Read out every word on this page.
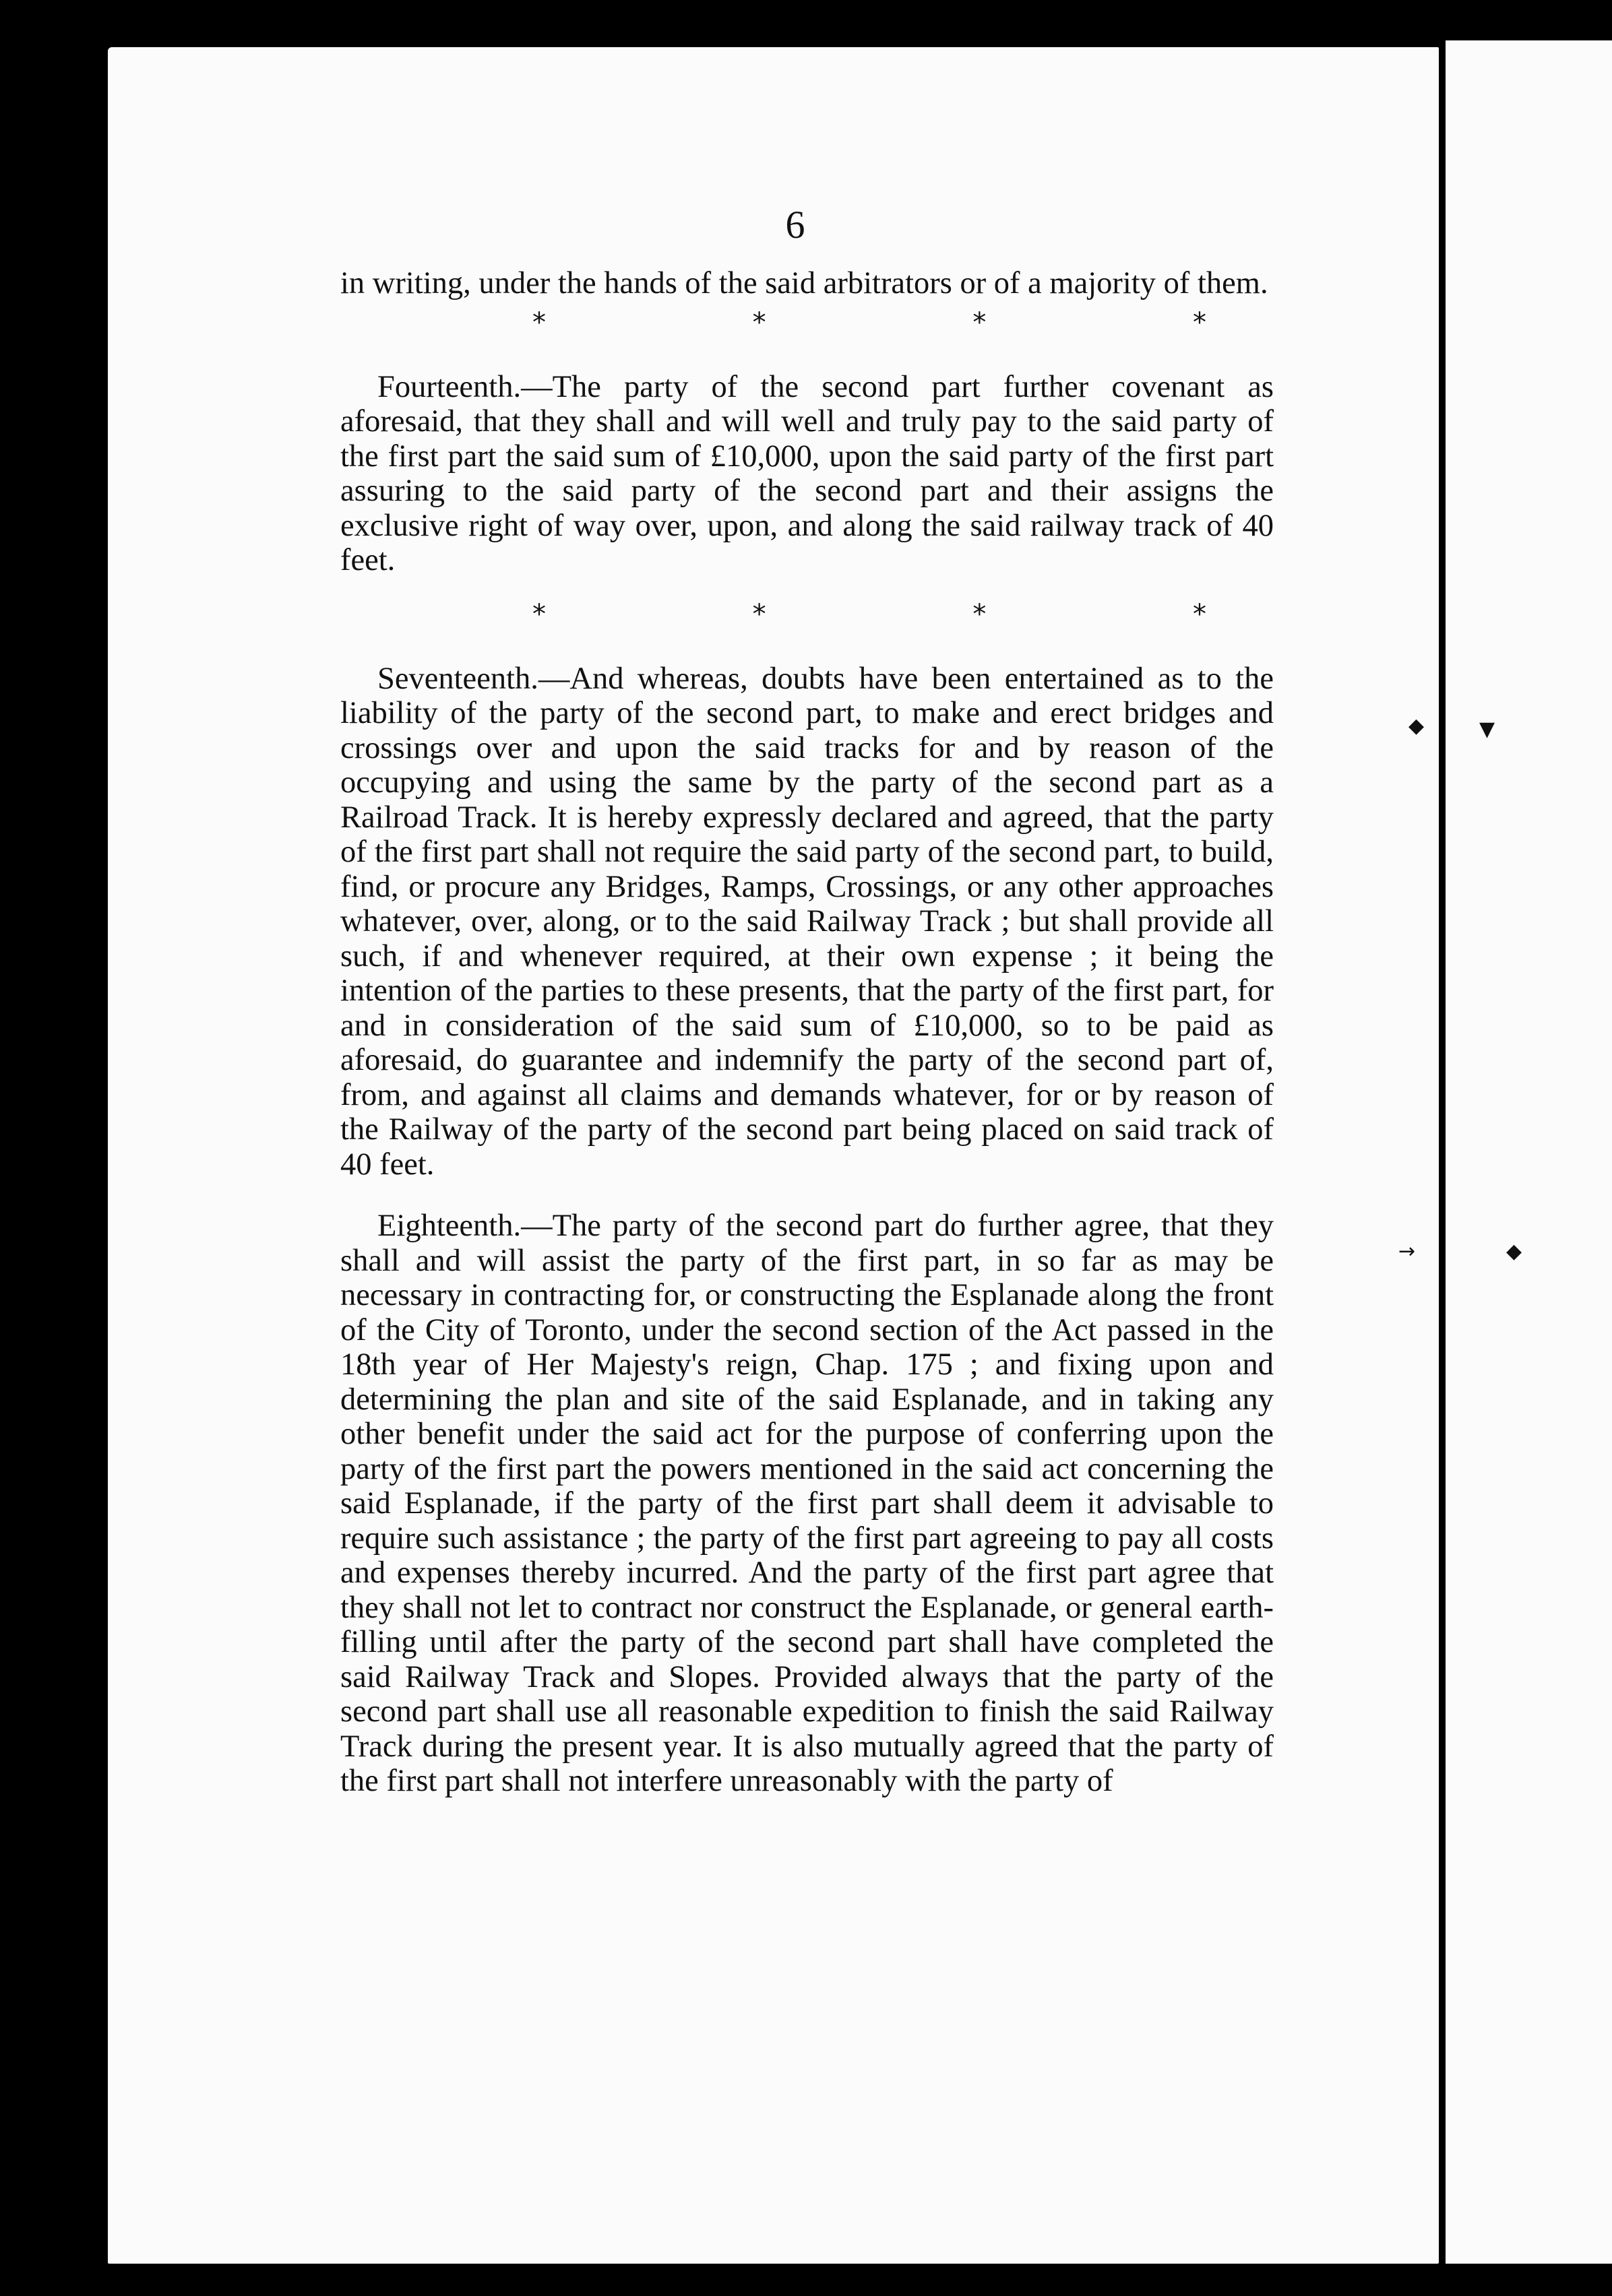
◆	▼
→	◆
6

in writing, under the hands of the said arbitrators or of a majority of them.

*	*	*	*

Fourteenth.—The party of the second part further covenant as aforesaid, that they shall and will well and truly pay to the said party of the first part the said sum of £10,000, upon the said party of the first part assuring to the said party of the second part and their assigns the exclusive right of way over, upon, and along the said railway track of 40 feet.

*	*	*	*

Seventeenth.—And whereas, doubts have been entertained as to the liability of the party of the second part, to make and erect bridges and crossings over and upon the said tracks for and by reason of the occupying and using the same by the party of the second part as a Railroad Track. It is hereby expressly declared and agreed, that the party of the first part shall not require the said party of the second part, to build, find, or procure any Bridges, Ramps, Crossings, or any other approaches whatever, over, along, or to the said Railway Track ; but shall provide all such, if and whenever required, at their own expense ; it being the intention of the parties to these presents, that the party of the first part, for and in consideration of the said sum of £10,000, so to be paid as aforesaid, do guarantee and indemnify the party of the second part of, from, and against all claims and demands whatever, for or by reason of the Railway of the party of the second part being placed on said track of 40 feet.

Eighteenth.—The party of the second part do further agree, that they shall and will assist the party of the first part, in so far as may be necessary in contracting for, or constructing the Esplanade along the front of the City of Toronto, under the second section of the Act passed in the 18th year of Her Majesty's reign, Chap. 175 ; and fixing upon and determining the plan and site of the said Esplanade, and in taking any other benefit under the said act for the purpose of conferring upon the party of the first part the powers mentioned in the said act concerning the said Esplanade, if the party of the first part shall deem it advisable to require such assistance ; the party of the first part agreeing to pay all costs and expenses thereby incurred. And the party of the first part agree that they shall not let to contract nor construct the Esplanade, or general earth-filling until after the party of the second part shall have completed the said Railway Track and Slopes. Provided always that the party of the second part shall use all reasonable expedition to finish the said Railway Track during the present year. It is also mutually agreed that the party of the first part shall not interfere unreasonably with the party of
